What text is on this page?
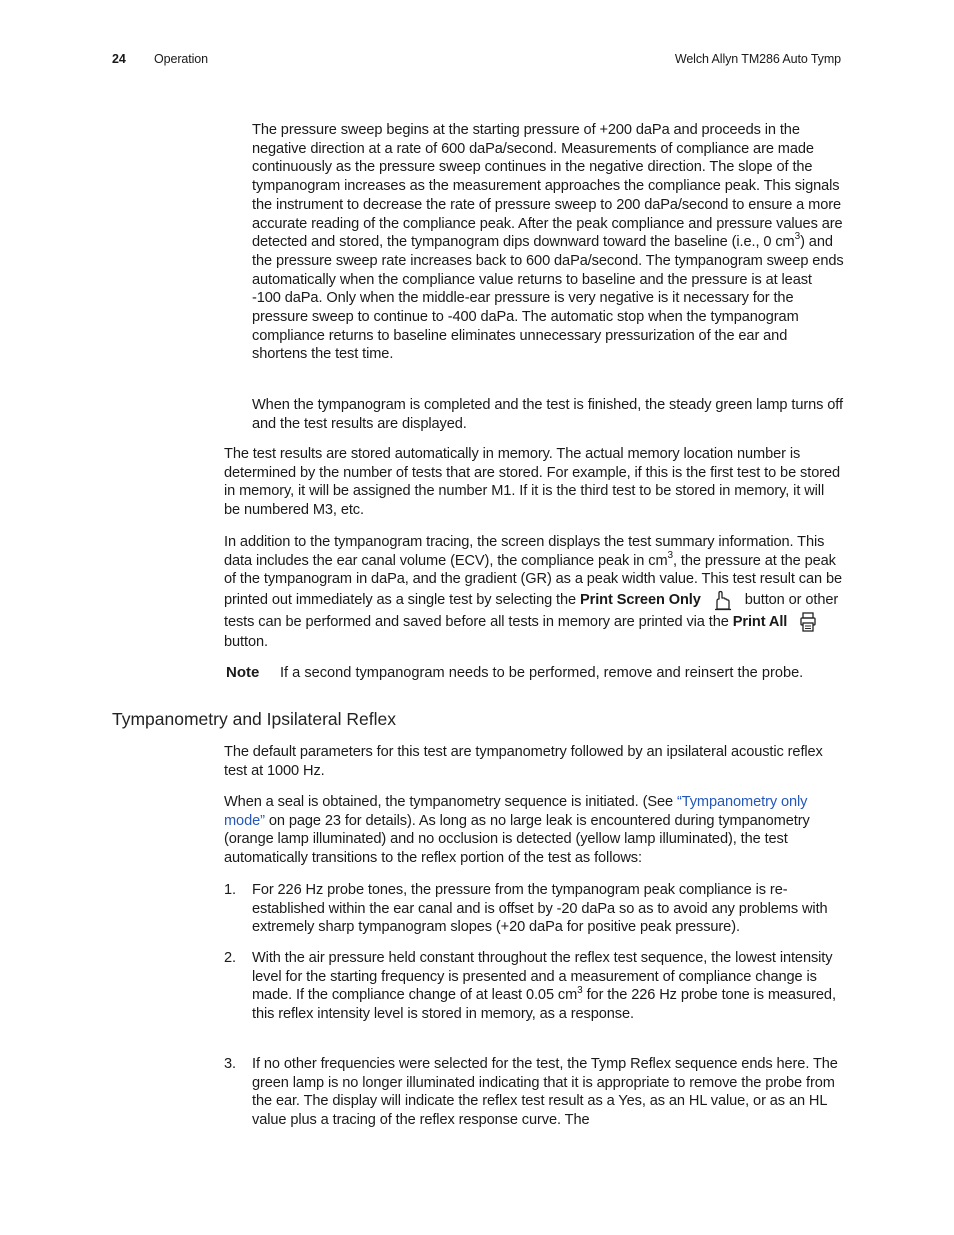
24 Operation	Welch Allyn TM286 Auto Tymp

The pressure sweep begins at the starting pressure of +200 daPa and proceeds in the negative direction at a rate of 600 daPa/second. Measurements of compliance are made continuously as the pressure sweep continues in the negative direction. The slope of the tympanogram increases as the measurement approaches the compliance peak. This signals the instrument to decrease the rate of pressure sweep to 200 daPa/second to ensure a more accurate reading of the compliance peak. After the peak compliance and pressure values are detected and stored, the tympanogram dips downward toward the baseline (i.e., 0 $cm^3$) and the pressure sweep rate increases back to 600 daPa/second. The tympanogram sweep ends automatically when the compliance value returns to baseline and the pressure is at least -100 daPa. Only when the middle-ear pressure is very negative is it necessary for the pressure sweep to continue to -400 daPa. The automatic stop when the tympanogram compliance returns to baseline eliminates unnecessary pressurization of the ear and shortens the test time.

When the tympanogram is completed and the test is finished, the steady green lamp turns off and the test results are displayed.

The test results are stored automatically in memory. The actual memory location number is determined by the number of tests that are stored. For example, if this is the first test to be stored in memory, it will be assigned the number M1. If it is the third test to be stored in memory, it will be numbered M3, etc.

In addition to the tympanogram tracing, the screen displays the test summary information. This data includes the ear canal volume (ECV), the compliance peak in $cm^3$, the pressure at the peak of the tympanogram in daPa, and the gradient (GR) as a peak width value. This test result can be printed out immediately as a single test by selecting the Print Screen Only	button or other tests can be performed and saved before all tests in memory are printed via the Print All button.

Note If a second tympanogram needs to be performed, remove and reinsert the probe.
Tympanometry and Ipsilateral Reflex

The default parameters for this test are tympanometry followed by an ipsilateral acoustic reflex test at 1000 Hz.

When a seal is obtained, the tympanometry sequence is initiated. (See “Tympanometry only mode” on page 23 for details). As long as no large leak is encountered during tympanometry (orange lamp illuminated) and no occlusion is detected (yellow lamp illuminated), the test automatically transitions to the reflex portion of the test as follows:

1. For 226 Hz probe tones, the pressure from the tympanogram peak compliance is re-established within the ear canal and is offset by -20 daPa so as to avoid any problems with extremely sharp tympanogram slopes (+20 daPa for positive peak pressure).
2. With the air pressure held constant throughout the reflex test sequence, the lowest intensity level for the starting frequency is presented and a measurement of compliance change is made. If the compliance change of at least 0.05 $cm^3$ for the 226 Hz probe tone is measured, this reflex intensity level is stored in memory, as a response.
3. If no other frequencies were selected for the test, the Tymp Reflex sequence ends here. The green lamp is no longer illuminated indicating that it is appropriate to remove the probe from the ear. The display will indicate the reflex test result as a Yes, as an HL value, or as an HL value plus a tracing of the reflex response curve. The
